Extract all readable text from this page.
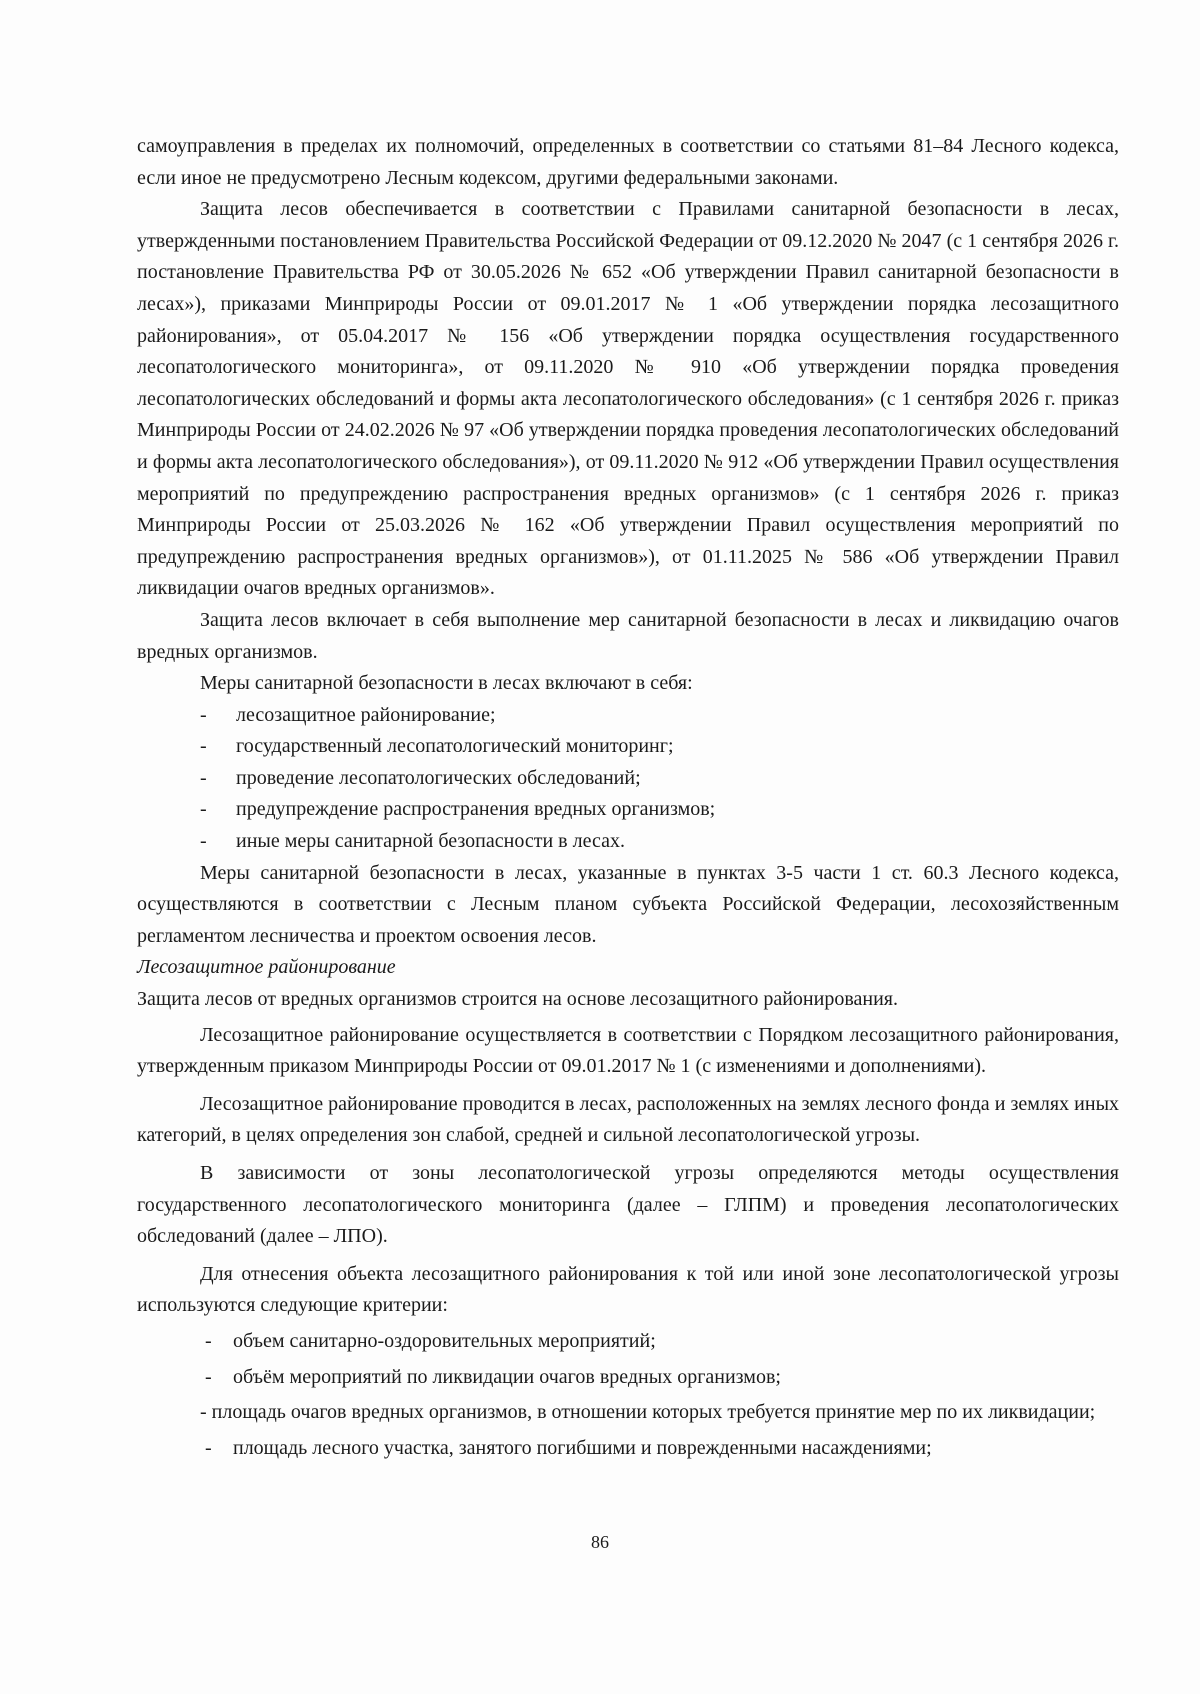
самоуправления в пределах их полномочий, определенных в соответствии со статьями 81–84 Лесного кодекса, если иное не предусмотрено Лесным кодексом, другими федеральными законами.

Защита лесов обеспечивается в соответствии с Правилами санитарной безопасности в лесах, утвержденными постановлением Правительства Российской Федерации от 09.12.2020 № 2047 (с 1 сентября 2026 г. постановление Правительства РФ от 30.05.2026 № 652 «Об утверждении Правил санитарной безопасности в лесах»), приказами Минприроды России от 09.01.2017 № 1 «Об утверждении порядка лесозащитного районирования», от 05.04.2017 № 156 «Об утверждении порядка осуществления государственного лесопатологического мониторинга», от 09.11.2020 № 910 «Об утверждении порядка проведения лесопатологических обследований и формы акта лесопатологического обследования» (с 1 сентября 2026 г. приказ Минприроды России от 24.02.2026 № 97 «Об утверждении порядка проведения лесопатологических обследований и формы акта лесопатологического обследования»), от 09.11.2020 № 912 «Об утверждении Правил осуществления мероприятий по предупреждению распространения вредных организмов» (с 1 сентября 2026 г. приказ Минприроды России от 25.03.2026 № 162 «Об утверждении Правил осуществления мероприятий по предупреждению распространения вредных организмов»), от 01.11.2025 № 586 «Об утверждении Правил ликвидации очагов вредных организмов».

Защита лесов включает в себя выполнение мер санитарной безопасности в лесах и ликвидацию очагов вредных организмов.

Меры санитарной безопасности в лесах включают в себя:

- лесозащитное районирование;

- государственный лесопатологический мониторинг;

- проведение лесопатологических обследований;

- предупреждение распространения вредных организмов;

- иные меры санитарной безопасности в лесах.

Меры санитарной безопасности в лесах, указанные в пунктах 3-5 части 1 ст. 60.3 Лесного кодекса, осуществляются в соответствии с Лесным планом субъекта Российской Федерации, лесохозяйственным регламентом лесничества и проектом освоения лесов.

Лесозащитное районирование

Защита лесов от вредных организмов строится на основе лесозащитного районирования.

Лесозащитное районирование осуществляется в соответствии с Порядком лесозащитного районирования, утвержденным приказом Минприроды России от 09.01.2017 № 1 (с изменениями и дополнениями).

Лесозащитное районирование проводится в лесах, расположенных на землях лесного фонда и землях иных категорий, в целях определения зон слабой, средней и сильной лесопатологической угрозы.

В зависимости от зоны лесопатологической угрозы определяются методы осуществления государственного лесопатологического мониторинга (далее – ГЛПМ) и проведения лесопатологических обследований (далее – ЛПО).

Для отнесения объекта лесозащитного районирования к той или иной зоне лесопатологической угрозы используются следующие критерии:

- объем санитарно-оздоровительных мероприятий;

- объём мероприятий по ликвидации очагов вредных организмов;

- площадь очагов вредных организмов, в отношении которых требуется принятие мер по их ликвидации;

- площадь лесного участка, занятого погибшими и поврежденными насаждениями;

86
